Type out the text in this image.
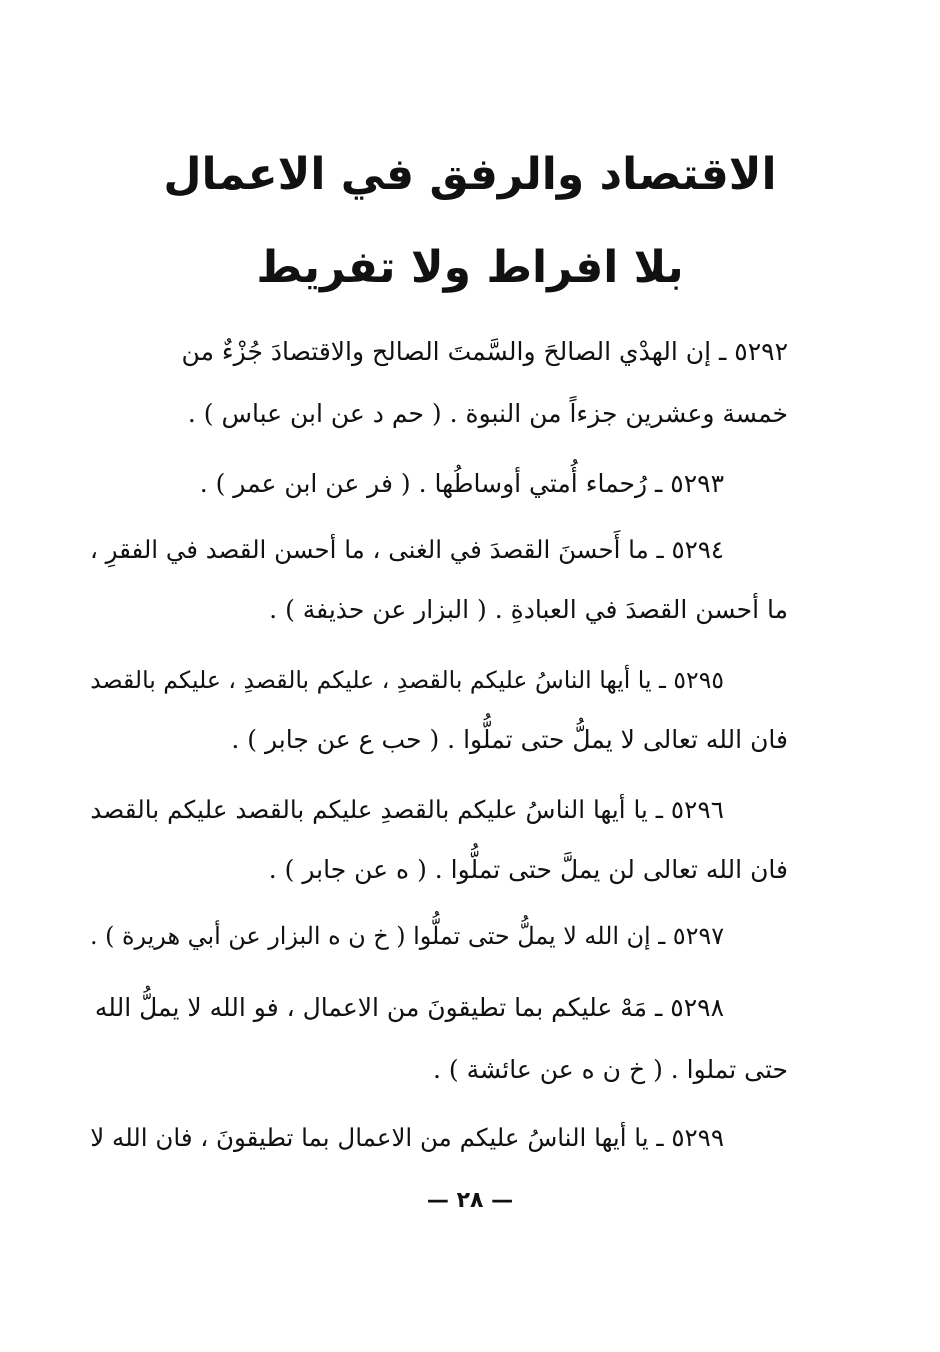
الاقتصاد والرفق في الاعمال
بلا افراط ولا تفريط
٥٢٩٢ ـ إن الهدْي الصالحَ والسَّمتَ الصالح والاقتصادَ جُزْءٌ من
خمسة وعشرين جزءاً من النبوة . ( حم د عن ابن عباس ) .
٥٢٩٣ ـ رُحماء أُمتي أوساطُها . ( فر عن ابن عمر ) .
٥٢٩٤ ـ ما أَحسنَ القصدَ في الغنى ، ما أحسن القصد في الفقرِ ،
ما أحسن القصدَ في العبادةِ . ( البزار عن حذيفة ) .
٥٢٩٥ ـ يا أيها الناسُ عليكم بالقصدِ ، عليكم بالقصدِ ، عليكم بالقصد
فان الله تعالى لا يملُّ حتى تملُّوا . ( حب ع عن جابر ) .
٥٢٩٦ ـ يا أيها الناسُ عليكم بالقصدِ عليكم بالقصد عليكم بالقصد
فان الله تعالى لن يملَّ حتى تملُّوا . ( ه عن جابر ) .
٥٢٩٧ ـ إن الله لا يملُّ حتى تملُّوا ( خ ن ه البزار عن أبي هريرة ) .
٥٢٩٨ ـ مَهْ عليكم بما تطيقونَ من الاعمال ، فو الله لا يملُّ الله
حتى تملوا . ( خ ن ه عن عائشة ) .
٥٢٩٩ ـ يا أيها الناسُ عليكم من الاعمال بما تطيقونَ ، فان الله لا
— ٢٨ —
